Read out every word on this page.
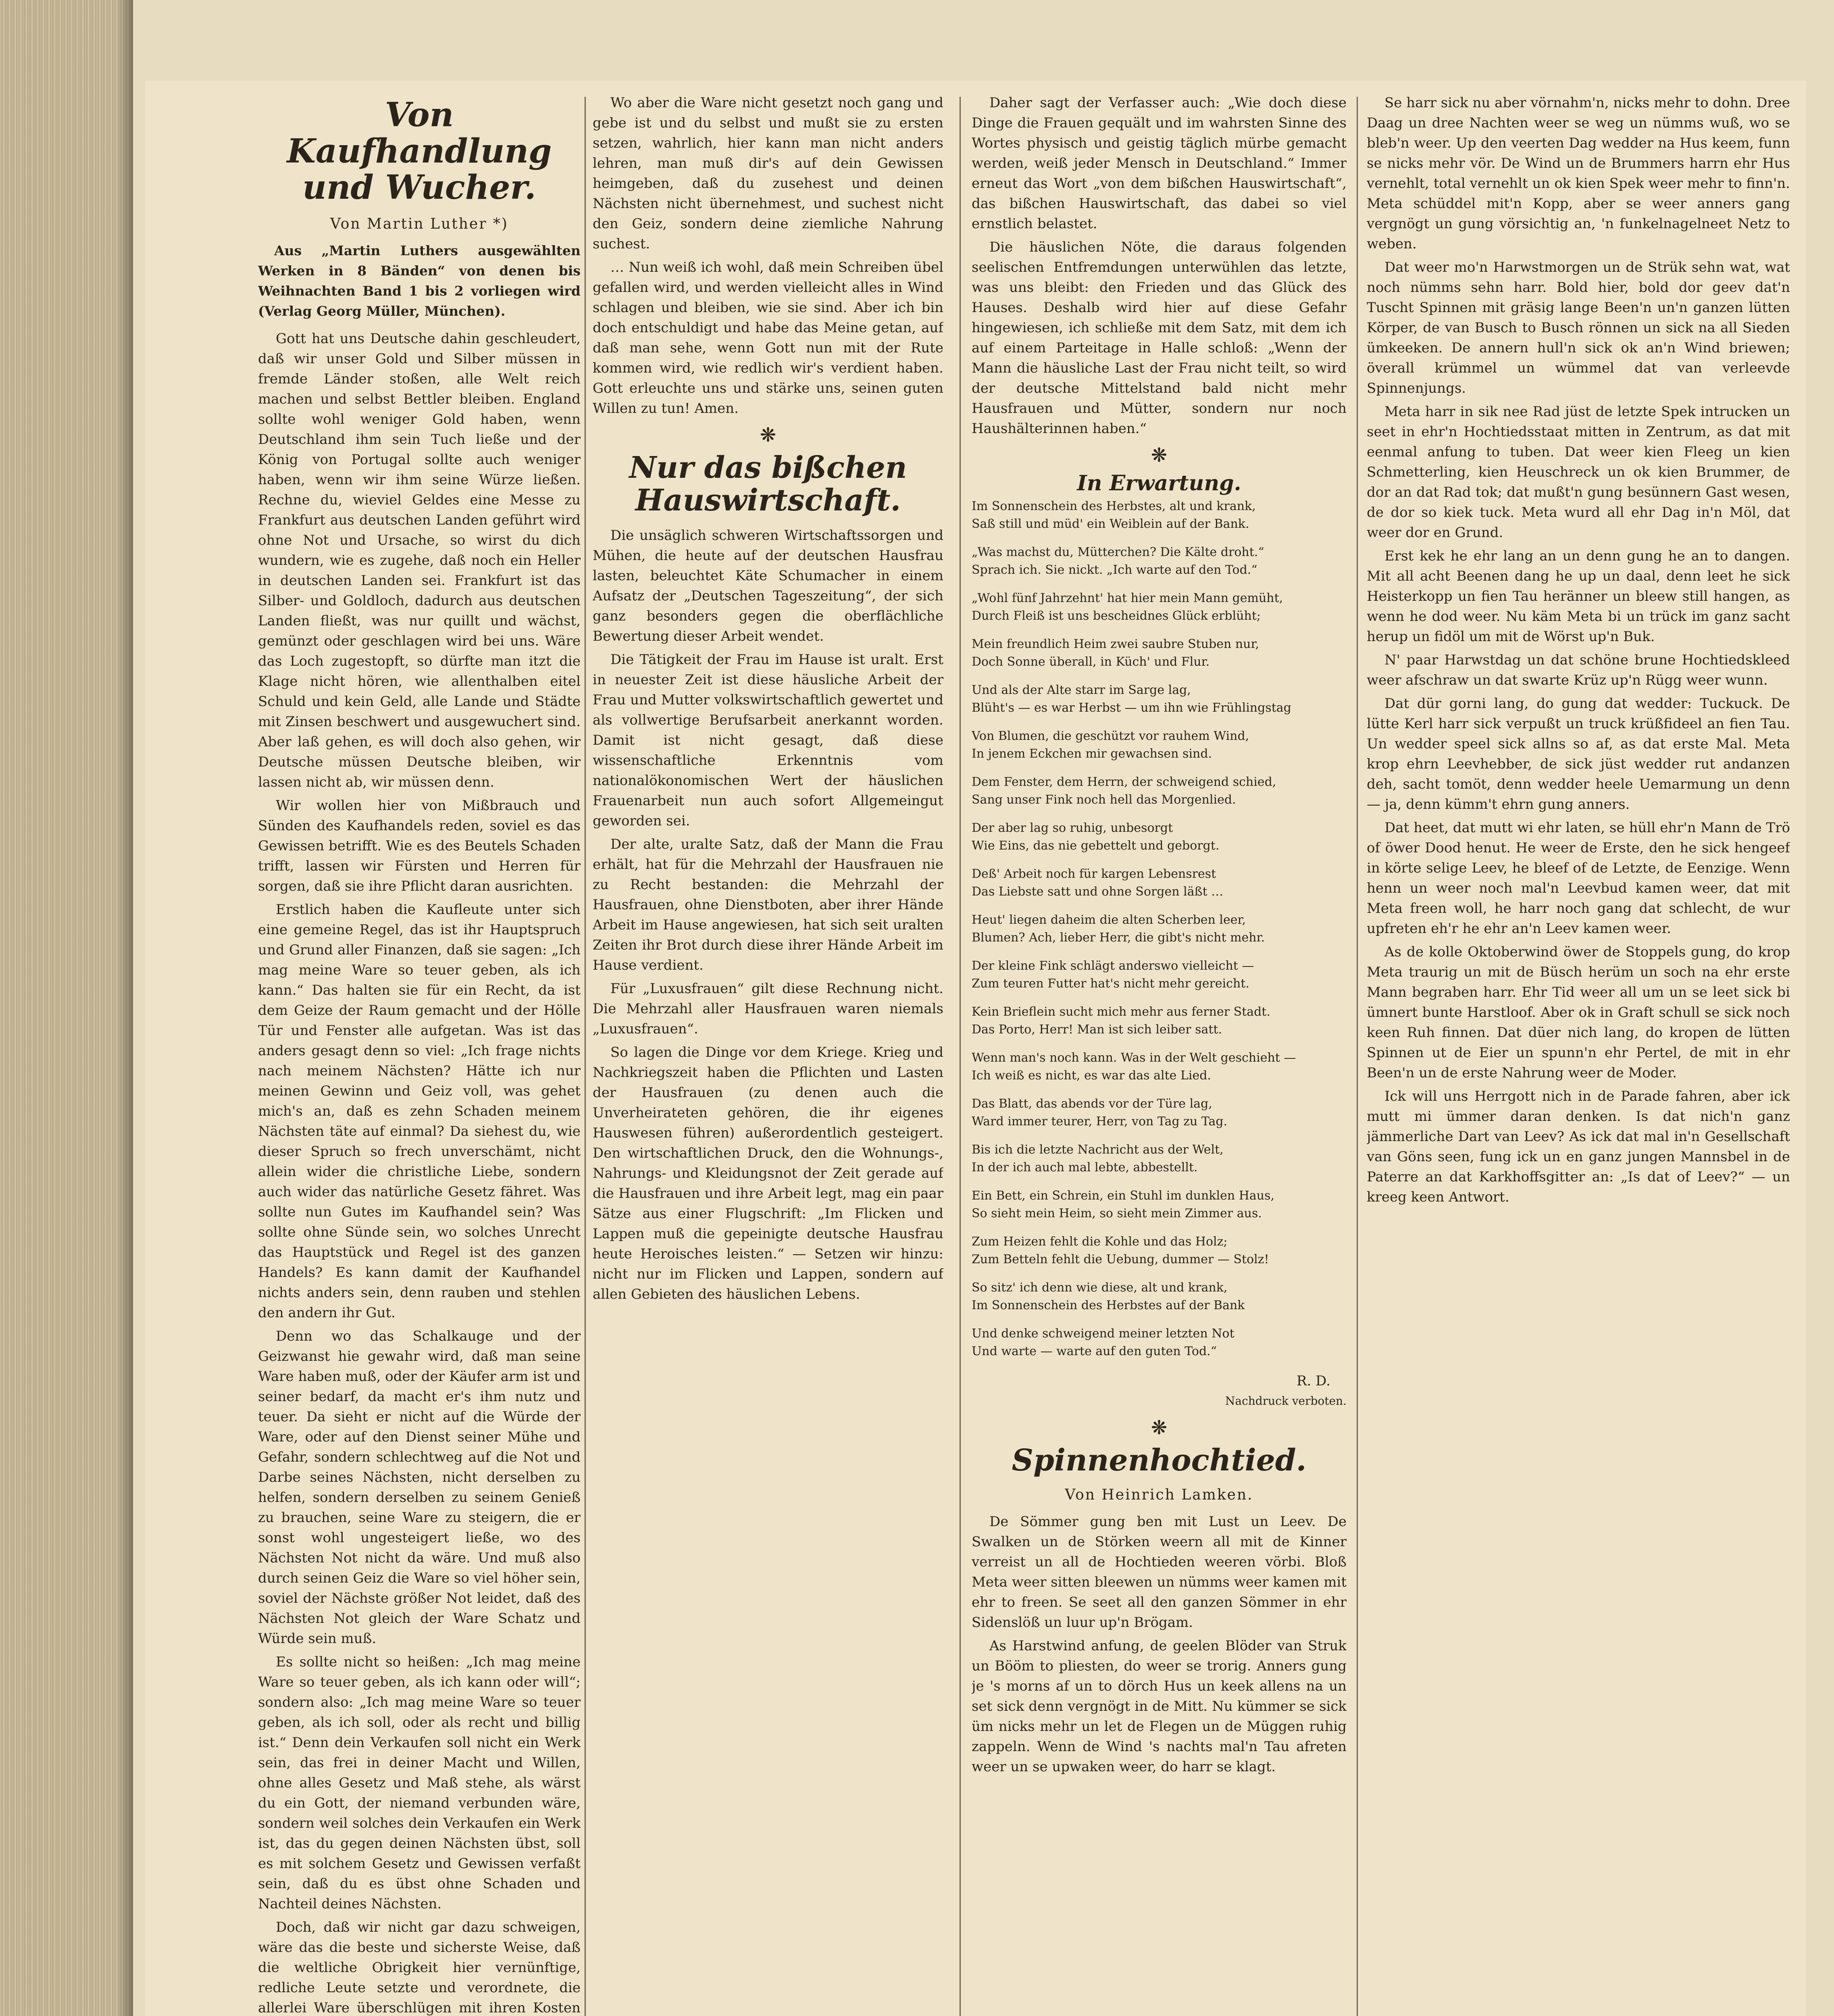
Von Kaufhandlung und Wucher.
Von Martin Luther *)
Aus „Martin Luthers ausgewählten Werken in 8 Bänden“ von denen bis Weihnachten Band 1 bis 2 vorliegen wird (Verlag Georg Müller, München).

Gott hat uns Deutsche dahin geschleudert, daß wir unser Gold und Silber müssen in fremde Länder stoßen, alle Welt reich machen und selbst Bettler bleiben. England sollte wohl weniger Gold haben, wenn Deutschland ihm sein Tuch ließe und der König von Portugal sollte auch weniger haben, wenn wir ihm seine Würze ließen. Rechne du, wieviel Geldes eine Messe zu Frankfurt aus deutschen Landen geführt wird ohne Not und Ursache, so wirst du dich wundern, wie es zugehe, daß noch ein Heller in deutschen Landen sei. Frankfurt ist das Silber- und Goldloch, dadurch aus deutschen Landen fließt, was nur quillt und wächst, gemünzt oder geschlagen wird bei uns. Wäre das Loch zugestopft, so dürfte man itzt die Klage nicht hören, wie allenthalben eitel Schuld und kein Geld, alle Lande und Städte mit Zinsen beschwert und ausgewuchert sind. Aber laß gehen, es will doch also gehen, wir Deutsche müssen Deutsche bleiben, wir lassen nicht ab, wir müssen denn.

Wir wollen hier von Mißbrauch und Sünden des Kaufhandels reden, soviel es das Gewissen betrifft. Wie es des Beutels Schaden trifft, lassen wir Fürsten und Herren für sorgen, daß sie ihre Pflicht daran ausrichten.

Erstlich haben die Kaufleute unter sich eine gemeine Regel, das ist ihr Hauptspruch und Grund aller Finanzen, daß sie sagen: „Ich mag meine Ware so teuer geben, als ich kann.“ Das halten sie für ein Recht, da ist dem Geize der Raum gemacht und der Hölle Tür und Fenster alle aufgetan. Was ist das anders gesagt denn so viel: „Ich frage nichts nach meinem Nächsten? Hätte ich nur meinen Gewinn und Geiz voll, was gehet mich's an, daß es zehn Schaden meinem Nächsten täte auf einmal? Da siehest du, wie dieser Spruch so frech unverschämt, nicht allein wider die christliche Liebe, sondern auch wider das natürliche Gesetz fähret. Was sollte nun Gutes im Kaufhandel sein? Was sollte ohne Sünde sein, wo solches Unrecht das Hauptstück und Regel ist des ganzen Handels? Es kann damit der Kaufhandel nichts anders sein, denn rauben und stehlen den andern ihr Gut.

Denn wo das Schalkauge und der Geizwanst hie gewahr wird, daß man seine Ware haben muß, oder der Käufer arm ist und seiner bedarf, da macht er's ihm nutz und teuer. Da sieht er nicht auf die Würde der Ware, oder auf den Dienst seiner Mühe und Gefahr, sondern schlechtweg auf die Not und Darbe seines Nächsten, nicht derselben zu helfen, sondern derselben zu seinem Genieß zu brauchen, seine Ware zu steigern, die er sonst wohl ungesteigert ließe, wo des Nächsten Not nicht da wäre. Und muß also durch seinen Geiz die Ware so viel höher sein, soviel der Nächste größer Not leidet, daß des Nächsten Not gleich der Ware Schatz und Würde sein muß.

Es sollte nicht so heißen: „Ich mag meine Ware so teuer geben, als ich kann oder will“; sondern also: „Ich mag meine Ware so teuer geben, als ich soll, oder als recht und billig ist.“ Denn dein Verkaufen soll nicht ein Werk sein, das frei in deiner Macht und Willen, ohne alles Gesetz und Maß stehe, als wärst du ein Gott, der niemand verbunden wäre, sondern weil solches dein Verkaufen ein Werk ist, das du gegen deinen Nächsten übst, soll es mit solchem Gesetz und Gewissen verfaßt sein, daß du es übst ohne Schaden und Nachteil deines Nächsten.

Doch, daß wir nicht gar dazu schweigen, wäre das die beste und sicherste Weise, daß die weltliche Obrigkeit hier vernünftige, redliche Leute setzte und verordnete, die allerlei Ware überschlügen mit ihren Kosten

Wo aber die Ware nicht gesetzt noch gang und gebe ist und du selbst und mußt sie zu ersten setzen, wahrlich, hier kann man nicht anders lehren, man muß dir's auf dein Gewissen heimgeben, daß du zusehest und deinen Nächsten nicht übernehmest, und suchest nicht den Geiz, sondern deine ziemliche Nahrung suchest.

… Nun weiß ich wohl, daß mein Schreiben übel gefallen wird, und werden vielleicht alles in Wind schlagen und bleiben, wie sie sind. Aber ich bin doch entschuldigt und habe das Meine getan, auf daß man sehe, wenn Gott nun mit der Rute kommen wird, wie redlich wir's verdient haben. Gott erleuchte uns und stärke uns, seinen guten Willen zu tun! Amen.

❋
Nur das bißchen Hauswirtschaft.

Die unsäglich schweren Wirtschaftssorgen und Mühen, die heute auf der deutschen Hausfrau lasten, beleuchtet Käte Schumacher in einem Aufsatz der „Deutschen Tageszeitung“, der sich ganz besonders gegen die oberflächliche Bewertung dieser Arbeit wendet.

Die Tätigkeit der Frau im Hause ist uralt. Erst in neuester Zeit ist diese häusliche Arbeit der Frau und Mutter volkswirtschaftlich gewertet und als vollwertige Berufsarbeit anerkannt worden. Damit ist nicht gesagt, daß diese wissenschaftliche Erkenntnis vom nationalökonomischen Wert der häuslichen Frauenarbeit nun auch sofort Allgemeingut geworden sei.

Der alte, uralte Satz, daß der Mann die Frau erhält, hat für die Mehrzahl der Hausfrauen nie zu Recht bestanden: die Mehrzahl der Hausfrauen, ohne Dienstboten, aber ihrer Hände Arbeit im Hause angewiesen, hat sich seit uralten Zeiten ihr Brot durch diese ihrer Hände Arbeit im Hause verdient.

Für „Luxusfrauen“ gilt diese Rechnung nicht. Die Mehrzahl aller Hausfrauen waren niemals „Luxusfrauen“.

So lagen die Dinge vor dem Kriege. Krieg und Nachkriegszeit haben die Pflichten und Lasten der Hausfrauen (zu denen auch die Unverheirateten gehören, die ihr eigenes Hauswesen führen) außerordentlich gesteigert. Den wirtschaftlichen Druck, den die Wohnungs-, Nahrungs- und Kleidungsnot der Zeit gerade auf die Hausfrauen und ihre Arbeit legt, mag ein paar Sätze aus einer Flugschrift: „Im Flicken und Lappen muß die gepeinigte deutsche Hausfrau heute Heroisches leisten.“ — Setzen wir hinzu: nicht nur im Flicken und Lappen, sondern auf allen Gebieten des häuslichen Lebens.

Daher sagt der Verfasser auch: „Wie doch diese Dinge die Frauen gequält und im wahrsten Sinne des Wortes physisch und geistig täglich mürbe gemacht werden, weiß jeder Mensch in Deutschland.“ Immer erneut das Wort „von dem bißchen Hauswirtschaft“, das bißchen Hauswirtschaft, das dabei so viel ernstlich belastet.

Die häuslichen Nöte, die daraus folgenden seelischen Entfremdungen unterwühlen das letzte, was uns bleibt: den Frieden und das Glück des Hauses. Deshalb wird hier auf diese Gefahr hingewiesen, ich schließe mit dem Satz, mit dem ich auf einem Parteitage in Halle schloß: „Wenn der Mann die häusliche Last der Frau nicht teilt, so wird der deutsche Mittelstand bald nicht mehr Hausfrauen und Mütter, sondern nur noch Haushälterinnen haben.“

❋
In Erwartung.
Im Sonnenschein des Herbstes, alt und krank,
Saß still und müd' ein Weiblein auf der Bank.
„Was machst du, Mütterchen? Die Kälte droht.“
Sprach ich. Sie nickt. „Ich warte auf den Tod.“
„Wohl fünf Jahrzehnt' hat hier mein Mann gemüht,
Durch Fleiß ist uns bescheidnes Glück erblüht;
Mein freundlich Heim zwei saubre Stuben nur,
Doch Sonne überall, in Küch' und Flur.
Und als der Alte starr im Sarge lag,
Blüht's — es war Herbst — um ihn wie Frühlingstag
Von Blumen, die geschützt vor rauhem Wind,
In jenem Eckchen mir gewachsen sind.
Dem Fenster, dem Herrn, der schweigend schied,
Sang unser Fink noch hell das Morgenlied.
Der aber lag so ruhig, unbesorgt
Wie Eins, das nie gebettelt und geborgt.
Deß' Arbeit noch für kargen Lebensrest
Das Liebste satt und ohne Sorgen läßt …
Heut' liegen daheim die alten Scherben leer,
Blumen? Ach, lieber Herr, die gibt's nicht mehr.
Der kleine Fink schlägt anderswo vielleicht —
Zum teuren Futter hat's nicht mehr gereicht.
Kein Brieflein sucht mich mehr aus ferner Stadt.
Das Porto, Herr! Man ist sich leiber satt.
Wenn man's noch kann. Was in der Welt geschieht —
Ich weiß es nicht, es war das alte Lied.
Das Blatt, das abends vor der Türe lag,
Ward immer teurer, Herr, von Tag zu Tag.
Bis ich die letzte Nachricht aus der Welt,
In der ich auch mal lebte, abbestellt.
Ein Bett, ein Schrein, ein Stuhl im dunklen Haus,
So sieht mein Heim, so sieht mein Zimmer aus.
Zum Heizen fehlt die Kohle und das Holz;
Zum Betteln fehlt die Uebung, dummer — Stolz!
So sitz' ich denn wie diese, alt und krank,
Im Sonnenschein des Herbstes auf der Bank
Und denke schweigend meiner letzten Not
Und warte — warte auf den guten Tod.“
R. D.
Nachdruck verboten.
❋
Spinnenhochtied.
Von Heinrich Lamken.

De Sömmer gung ben mit Lust un Leev. De Swalken un de Störken weern all mit de Kinner verreist un all de Hochtieden weeren vörbi. Bloß Meta weer sitten bleewen un nümms weer kamen mit ehr to freen. Se seet all den ganzen Sömmer in ehr Sidenslöß un luur up'n Brögam.

As Harstwind anfung, de geelen Blöder van Struk un Bööm to pliesten, do weer se trorig. Anners gung je 's morns af un to dörch Hus un keek allens na un set sick denn vergnögt in de Mitt. Nu kümmer se sick üm nicks mehr un let de Flegen un de Müggen ruhig zappeln. Wenn de Wind 's nachts mal'n Tau afreten weer un se upwaken weer, do harr se klagt.

Se harr sick nu aber vörnahm'n, nicks mehr to dohn. Dree Daag un dree Nachten weer se weg un nümms wuß, wo se bleb'n weer. Up den veerten Dag wedder na Hus keem, funn se nicks mehr vör. De Wind un de Brummers harrn ehr Hus vernehlt, total vernehlt un ok kien Spek weer mehr to finn'n. Meta schüddel mit'n Kopp, aber se weer anners gang vergnögt un gung vörsichtig an, 'n funkelnagelneet Netz to weben.

Dat weer mo'n Harwstmorgen un de Strük sehn wat, wat noch nümms sehn harr. Bold hier, bold dor geev dat'n Tuscht Spinnen mit gräsig lange Been'n un'n ganzen lütten Körper, de van Busch to Busch rönnen un sick na all Sieden ümkeeken. De annern hull'n sick ok an'n Wind briewen; överall krümmel un wümmel dat van verleevde Spinnenjungs.

Meta harr in sik nee Rad jüst de letzte Spek intrucken un seet in ehr'n Hochtiedsstaat mitten in Zentrum, as dat mit eenmal anfung to tuben. Dat weer kien Fleeg un kien Schmetterling, kien Heuschreck un ok kien Brummer, de dor an dat Rad tok; dat mußt'n gung besünnern Gast wesen, de dor so kiek tuck. Meta wurd all ehr Dag in'n Möl, dat weer dor en Grund.

Erst kek he ehr lang an un denn gung he an to dangen. Mit all acht Beenen dang he up un daal, denn leet he sick Heisterkopp un fien Tau heränner un bleew still hangen, as wenn he dod weer. Nu käm Meta bi un trück im ganz sacht herup un fidöl um mit de Wörst up'n Buk.

N' paar Harwstdag un dat schöne brune Hochtiedskleed weer afschraw un dat swarte Krüz up'n Rügg weer wunn.

Dat dür gorni lang, do gung dat wedder: Tuckuck. De lütte Kerl harr sick verpußt un truck krüßfideel an fien Tau. Un wedder speel sick allns so af, as dat erste Mal. Meta krop ehrn Leevhebber, de sick jüst wedder rut andanzen deh, sacht tomöt, denn wedder heele Uemarmung un denn — ja, denn kümm't ehrn gung anners.

Dat heet, dat mutt wi ehr laten, se hüll ehr'n Mann de Trö of öwer Dood henut. He weer de Erste, den he sick hengeef in körte selige Leev, he bleef of de Letzte, de Eenzige. Wenn henn un weer noch mal'n Leevbud kamen weer, dat mit Meta freen woll, he harr noch gang dat schlecht, de wur upfreten eh'r he ehr an'n Leev kamen weer.

As de kolle Oktoberwind öwer de Stoppels gung, do krop Meta traurig un mit de Büsch herüm un soch na ehr erste Mann begraben harr. Ehr Tid weer all um un se leet sick bi ümnert bunte Harstloof. Aber ok in Graft schull se sick noch keen Ruh finnen. Dat düer nich lang, do kropen de lütten Spinnen ut de Eier un spunn'n ehr Pertel, de mit in ehr Been'n un de erste Nahrung weer de Moder.

Ick will uns Herrgott nich in de Parade fahren, aber ick mutt mi ümmer daran denken. Is dat nich'n ganz jämmerliche Dart van Leev? As ick dat mal in'n Gesellschaft van Göns seen, fung ick un en ganz jungen Mannsbel in de Paterre an dat Karkhoffsgitter an: „Is dat of Leev?“ — un kreeg keen Antwort.
